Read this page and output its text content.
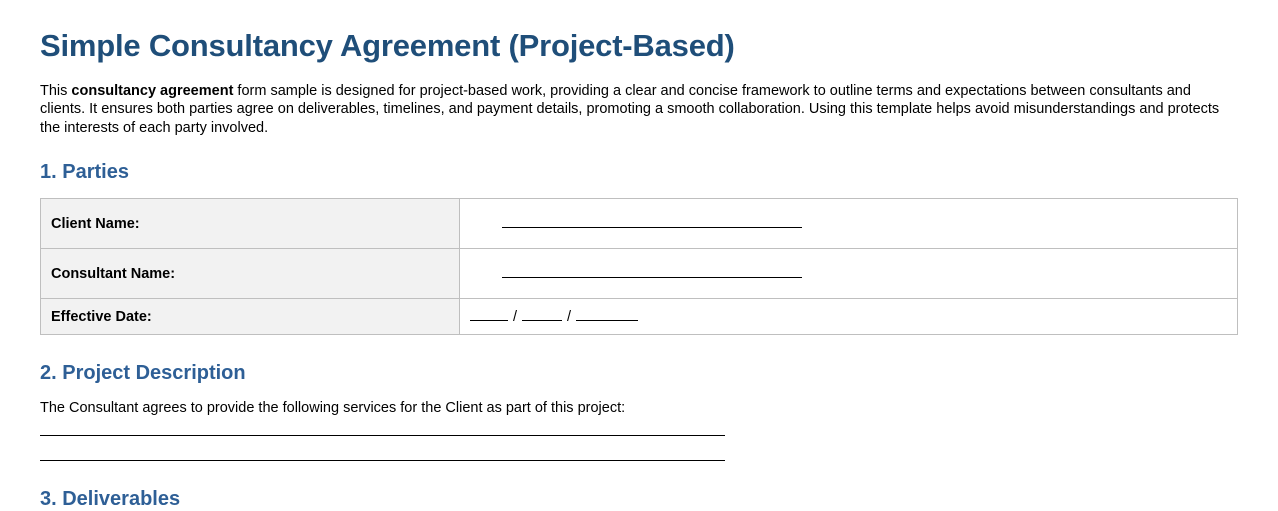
Simple Consultancy Agreement (Project-Based)

This consultancy agreement form sample is designed for project-based work, providing a clear and concise framework to outline terms and expectations between consultants and clients. It ensures both parties agree on deliverables, timelines, and payment details, promoting a smooth collaboration. Using this template helps avoid misunderstandings and protects the interests of each party involved.

1. Parties
Client Name:	

Consultant Name:	

Effective Date:	/ /
2. Project Description

The Consultant agrees to provide the following services for the Client as part of this project:

3. Deliverables
